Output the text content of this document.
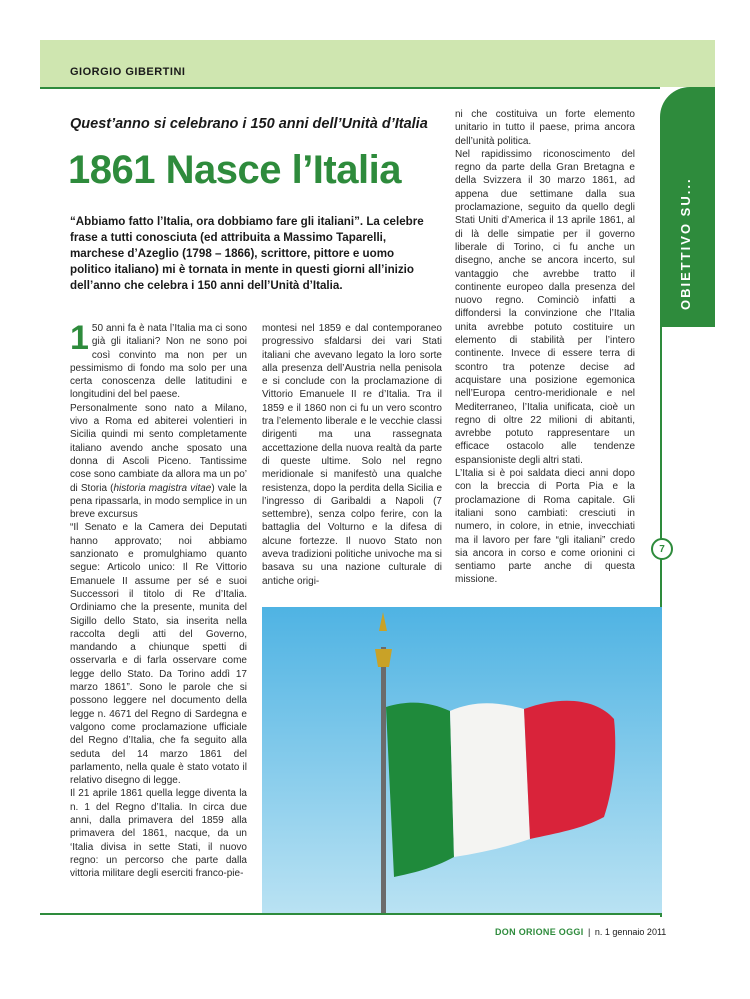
GIORGIO GIBERTINI
OBIETTIVO SU...
7
Quest’anno si celebrano i 150 anni dell’Unità d’Italia
1861 Nasce l’Italia
“Abbiamo fatto l’Italia, ora dobbiamo fare gli italiani”. La celebre frase a tutti conosciuta (ed attribuita a Massimo Taparelli, marchese d’Azeglio (1798 – 1866), scrittore, pittore e uomo politico italiano) mi è tornata in mente in questi giorni all’inizio dell’anno che celebra i 150 anni dell’Unità d’Italia.

1 50 anni fa è nata l’Italia ma ci sono già gli italiani? Non ne sono poi così convinto ma non per un pessimismo di fondo ma solo per una certa conoscenza delle latitudini e longitudini del bel paese.

Personalmente sono nato a Milano, vivo a Roma ed abiterei volentieri in Sicilia quindi mi sento completamente italiano avendo anche sposato una donna di Ascoli Piceno. Tantissime cose sono cambiate da allora ma un po’ di Storia (historia magistra vitae) vale la pena ripassarla, in modo semplice in un breve excursus

“Il Senato e la Camera dei Deputati hanno approvato; noi abbiamo sanzionato e promulghiamo quanto segue: Articolo unico: Il Re Vittorio Emanuele II assume per sé e suoi Successori il titolo di Re d’Italia. Ordiniamo che la presente, munita del Sigillo dello Stato, sia inserita nella raccolta degli atti del Governo, mandando a chiunque spetti di osservarla e di farla osservare come legge dello Stato. Da Torino addì 17 marzo 1861”. Sono le parole che si possono leggere nel documento della legge n. 4671 del Regno di Sardegna e valgono come proclamazione ufficiale del Regno d’Italia, che fa seguito alla seduta del 14 marzo 1861 del parlamento, nella quale è stato votato il relativo disegno di legge.

Il 21 aprile 1861 quella legge diventa la n. 1 del Regno d’Italia. In circa due anni, dalla primavera del 1859 alla primavera del 1861, nacque, da un ‘Italia divisa in sette Stati, il nuovo regno: un percorso che parte dalla vittoria militare degli eserciti franco-pie-

montesi nel 1859 e dal contemporaneo progressivo sfaldarsi dei vari Stati italiani che avevano legato la loro sorte alla presenza dell’Austria nella penisola e si conclude con la proclamazione di Vittorio Emanuele II re d’Italia. Tra il 1859 e il 1860 non ci fu un vero scontro tra l’elemento liberale e le vecchie classi dirigenti ma una rassegnata accettazione della nuova realtà da parte di queste ultime. Solo nel regno meridionale si manifestò una qualche resistenza, dopo la perdita della Sicilia e l’ingresso di Garibaldi a Napoli (7 settembre), senza colpo ferire, con la battaglia del Volturno e la difesa di alcune fortezze. Il nuovo Stato non aveva tradizioni politiche univoche ma si basava su una nazione culturale di antiche origi-

ni che costituiva un forte elemento unitario in tutto il paese, prima ancora dell’unità politica.

Nel rapidissimo riconoscimento del regno da parte della Gran Bretagna e della Svizzera il 30 marzo 1861, ad appena due settimane dalla sua proclamazione, seguito da quello degli Stati Uniti d’America il 13 aprile 1861, al di là delle simpatie per il governo liberale di Torino, ci fu anche un disegno, anche se ancora incerto, sul vantaggio che avrebbe tratto il continente europeo dalla presenza del nuovo regno. Cominciò infatti a diffondersi la convinzione che l’Italia unita avrebbe potuto costituire un elemento di stabilità per l’intero continente. Invece di essere terra di scontro tra potenze decise ad acquistare una posizione egemonica nell’Europa centro-meridionale e nel Mediterraneo, l’Italia unificata, cioè un regno di oltre 22 milioni di abitanti, avrebbe potuto rappresentare un efficace ostacolo alle tendenze espansioniste degli altri stati.

L’Italia si è poi saldata dieci anni dopo con la breccia di Porta Pia e la proclamazione di Roma capitale. Gli italiani sono cambiati: cresciuti in numero, in colore, in etnie, invecchiati ma il lavoro per fare “gli italiani” credo sia ancora in corso e come orionini ci sentiamo parte anche di questa missione.

DON ORIONE OGGI | n. 1 gennaio 2011
